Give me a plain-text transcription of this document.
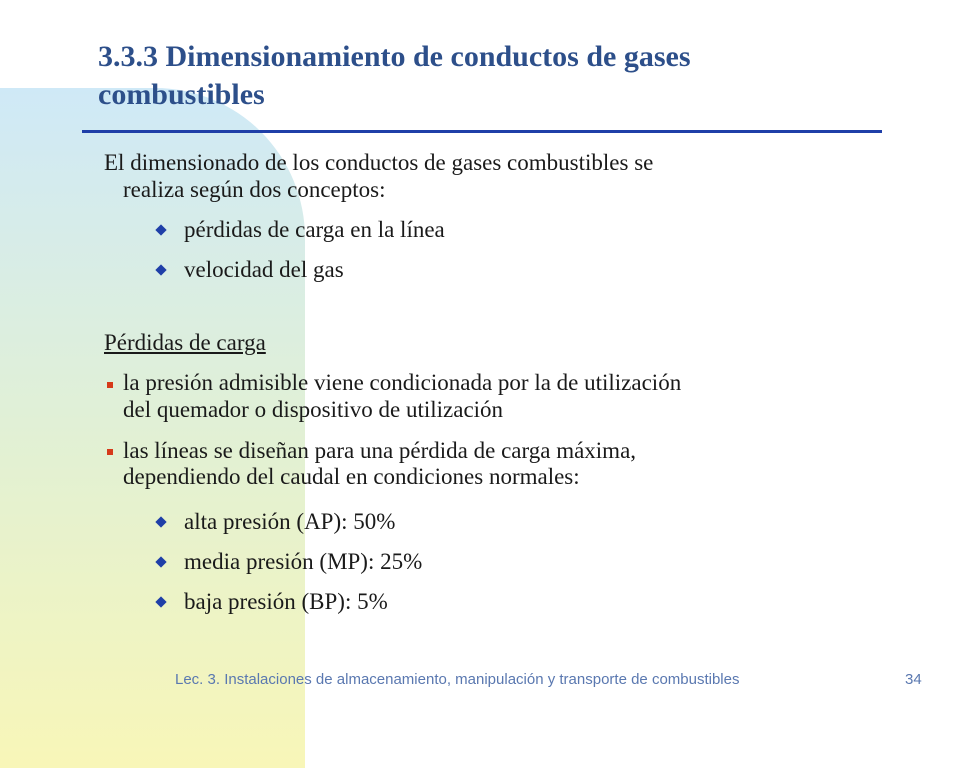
3.3.3 Dimensionamiento de conductos de gases
combustibles
El dimensionado de los conductos de gases combustibles se
realiza según dos conceptos:
pérdidas de carga en la línea
velocidad del gas
Pérdidas de carga
la presión admisible viene condicionada por la de utilización
del quemador o dispositivo de utilización
las líneas se diseñan para una pérdida de carga máxima,
dependiendo del caudal en condiciones normales:
alta presión (AP): 50%
media presión (MP): 25%
baja presión (BP): 5%
Lec. 3. Instalaciones de almacenamiento, manipulación y transporte de combustibles	34
